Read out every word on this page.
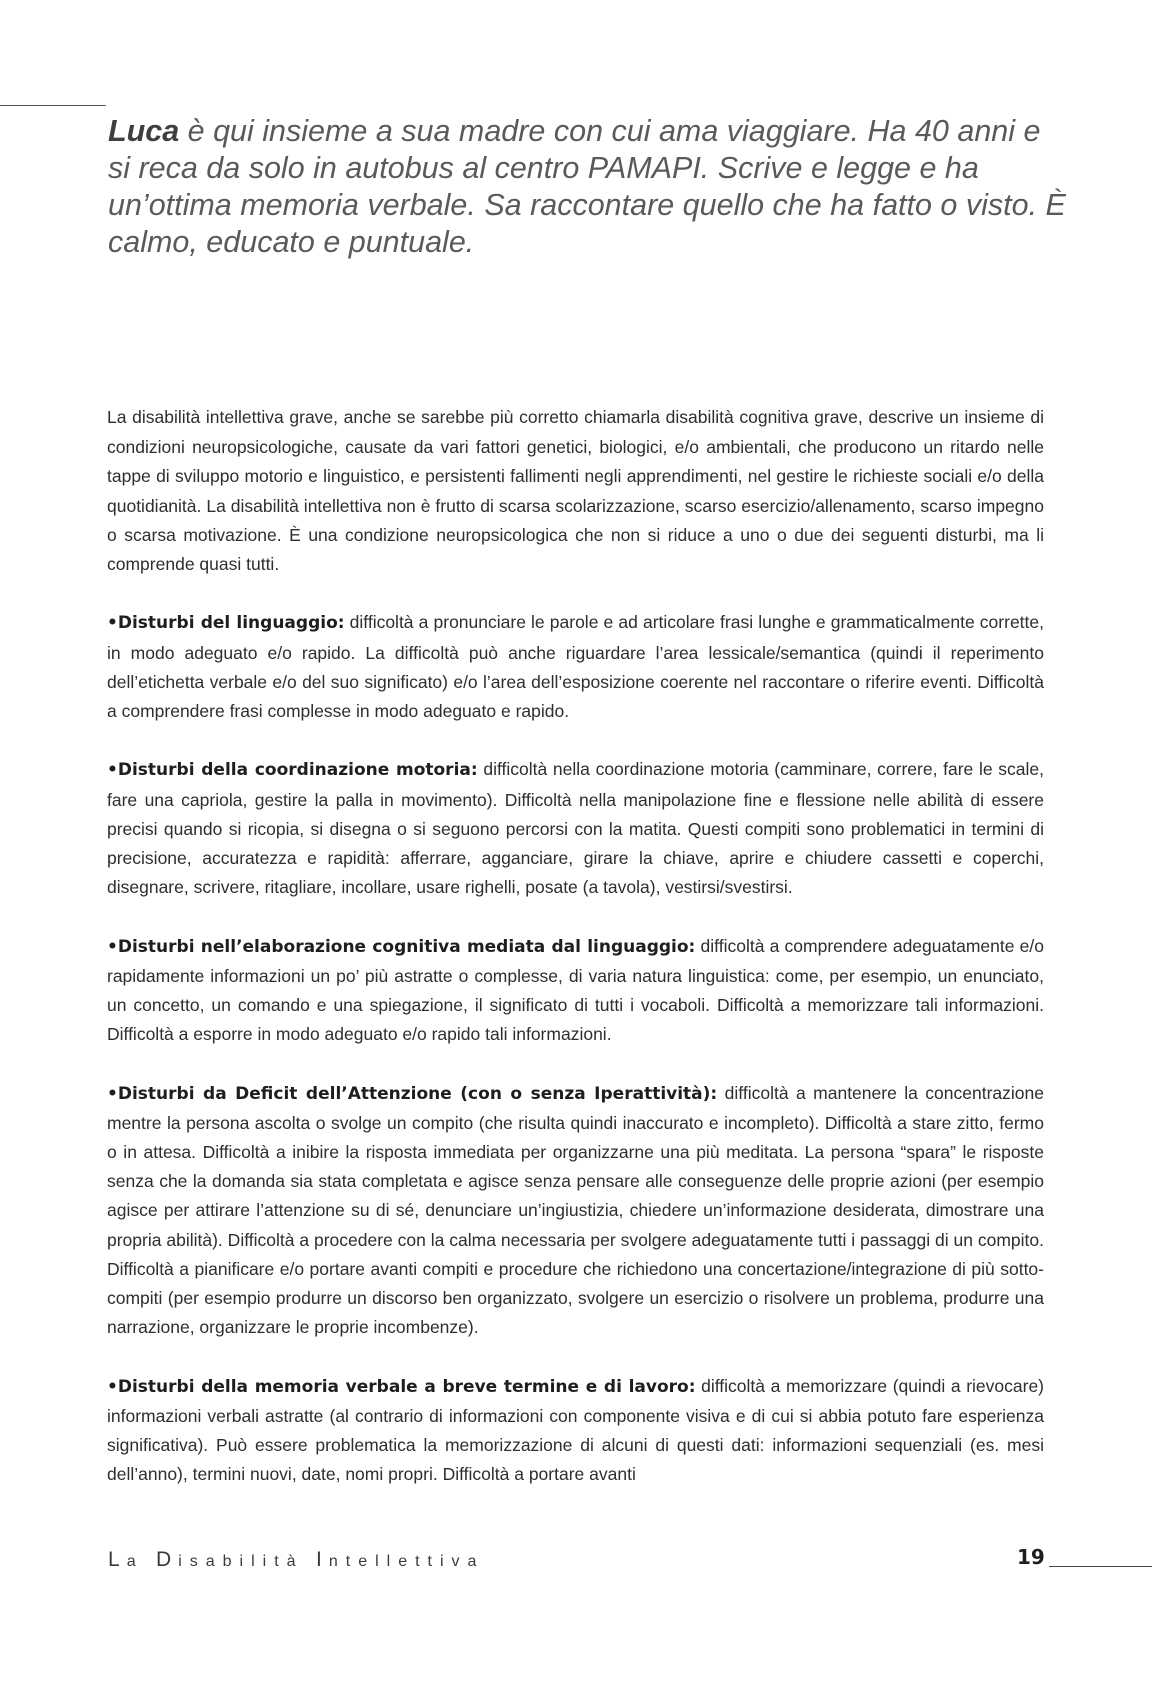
Luca è qui insieme a sua madre con cui ama viaggiare. Ha 40 anni e si reca da solo in autobus al centro PAMAPI. Scrive e legge e ha un’ottima memoria verbale. Sa raccontare quello che ha fatto o visto. È calmo, educato e puntuale.

La disabilità intellettiva grave, anche se sarebbe più corretto chiamarla disabilità cognitiva grave, descrive un insieme di condizioni neuropsicologiche, causate da vari fattori genetici, biologici, e/o ambientali, che producono un ritardo nelle tappe di sviluppo motorio e linguistico, e persistenti fallimenti negli apprendimenti, nel gestire le richieste sociali e/o della quotidianità. La disabilità intellettiva non è frutto di scarsa scolarizzazione, scarso esercizio/allenamento, scarso impegno o scarsa motivazione. È una condizione neuropsicologica che non si riduce a uno o due dei seguenti disturbi, ma li comprende quasi tutti.

•Disturbi del linguaggio: difficoltà a pronunciare le parole e ad articolare frasi lunghe e grammaticalmente corrette, in modo adeguato e/o rapido. La difficoltà può anche riguardare l’area lessicale/semantica (quindi il reperimento dell’etichetta verbale e/o del suo significato) e/o l’area dell’esposizione coerente nel raccontare o riferire eventi. Difficoltà a comprendere frasi complesse in modo adeguato e rapido.

•Disturbi della coordinazione motoria: difficoltà nella coordinazione motoria (camminare, correre, fare le scale, fare una capriola, gestire la palla in movimento). Difficoltà nella manipolazione fine e flessione nelle abilità di essere precisi quando si ricopia, si disegna o si seguono percorsi con la matita. Questi compiti sono problematici in termini di precisione, accuratezza e rapidità: afferrare, agganciare, girare la chiave, aprire e chiudere cassetti e coperchi, disegnare, scrivere, ritagliare, incollare, usare righelli, posate (a tavola), vestirsi/svestirsi.

•Disturbi nell’elaborazione cognitiva mediata dal linguaggio: difficoltà a comprendere adeguatamente e/o rapidamente informazioni un po’ più astratte o complesse, di varia natura linguistica: come, per esempio, un enunciato, un concetto, un comando e una spiegazione, il significato di tutti i vocaboli. Difficoltà a memorizzare tali informazioni. Difficoltà a esporre in modo adeguato e/o rapido tali informazioni.

•Disturbi da Deficit dell’Attenzione (con o senza Iperattività): difficoltà a mantenere la concentrazione mentre la persona ascolta o svolge un compito (che risulta quindi inaccurato e incompleto). Difficoltà a stare zitto, fermo o in attesa. Difficoltà a inibire la risposta immediata per organizzarne una più meditata. La persona “spara” le risposte senza che la domanda sia stata completata e agisce senza pensare alle conseguenze delle proprie azioni (per esempio agisce per attirare l’attenzione su di sé, denunciare un’ingiustizia, chiedere un’informazione desiderata, dimostrare una propria abilità). Difficoltà a procedere con la calma necessaria per svolgere adeguatamente tutti i passaggi di un compito. Difficoltà a pianificare e/o portare avanti compiti e procedure che richiedono una concertazione/integrazione di più sotto-compiti (per esempio produrre un discorso ben organizzato, svolgere un esercizio o risolvere un problema, produrre una narrazione, organizzare le proprie incombenze).

•Disturbi della memoria verbale a breve termine e di lavoro: difficoltà a memorizzare (quindi a rievocare) informazioni verbali astratte (al contrario di informazioni con componente visiva e di cui si abbia potuto fare esperienza significativa). Può essere problematica la memorizzazione di alcuni di questi dati: informazioni sequenziali (es. mesi dell’anno), termini nuovi, date, nomi propri. Difficoltà a portare avanti

La Disabilità Intellettiva	19
